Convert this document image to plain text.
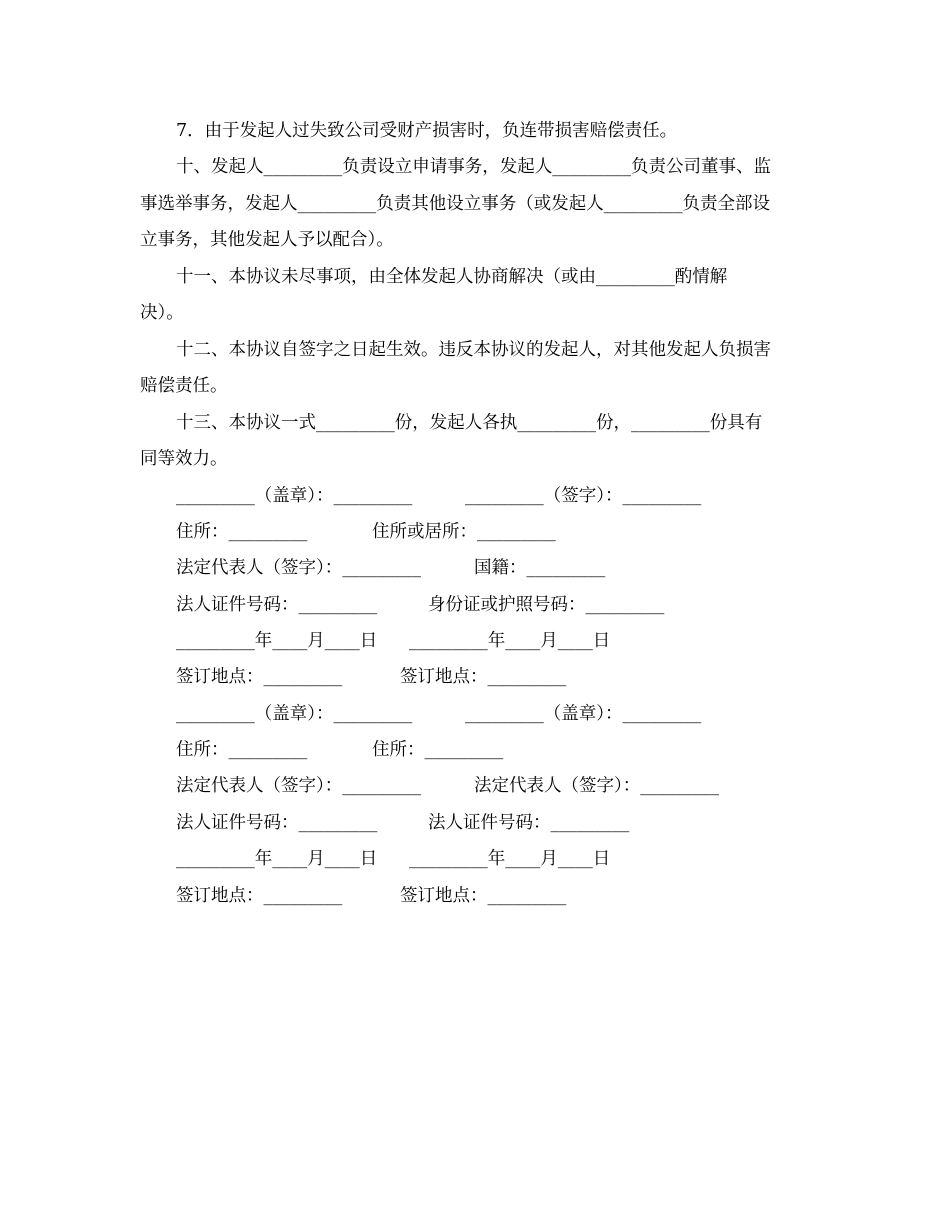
7．由于发起人过失致公司受财产损害时，负连带损害赔偿责任。
十、发起人_________负责设立申请事务，发起人_________负责公司董事、监
事选举事务，发起人_________负责其他设立事务（或发起人_________负责全部设
立事务，其他发起人予以配合）。
十一、本协议未尽事项，由全体发起人协商解决（或由_________酌情解
决）。
十二、本协议自签字之日起生效。违反本协议的发起人，对其他发起人负损害
赔偿责任。
十三、本协议一式_________份，发起人各执_________份，_________份具有
同等效力。
_________（盖章）：_________	_________（签字）：_________
住所：_________	住所或居所：_________
法定代表人（签字）：_________	国籍：_________
法人证件号码：_________	身份证或护照号码：_________
_________年____月____日 _________年____月____日
签订地点：_________	签订地点：_________
_________（盖章）：_________	_________（盖章）：_________
住所：_________	住所：_________
法定代表人（签字）：_________	法定代表人（签字）：_________
法人证件号码：_________	法人证件号码：_________
_________年____月____日 _________年____月____日
签订地点：_________	签订地点：_________
